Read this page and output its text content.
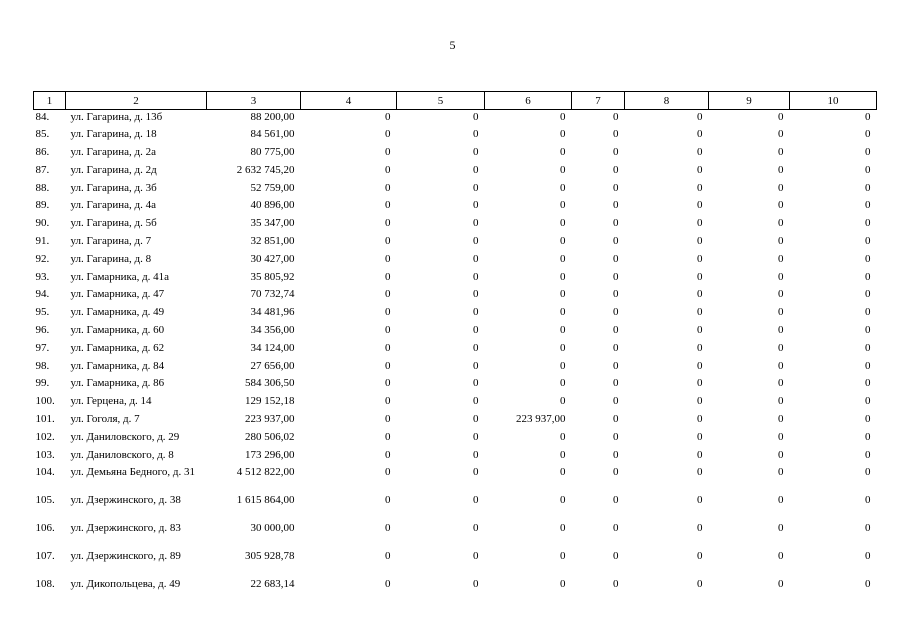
5
1	2	3	4	5	6	7	8	9	10
84.	ул. Гагарина, д. 13б	88 200,00	0	0	0	0	0	0	0
85.	ул. Гагарина, д. 18	84 561,00	0	0	0	0	0	0	0
86.	ул. Гагарина, д. 2а	80 775,00	0	0	0	0	0	0	0
87.	ул. Гагарина, д. 2д	2 632 745,20	0	0	0	0	0	0	0
88.	ул. Гагарина, д. 3б	52 759,00	0	0	0	0	0	0	0
89.	ул. Гагарина, д. 4а	40 896,00	0	0	0	0	0	0	0
90.	ул. Гагарина, д. 5б	35 347,00	0	0	0	0	0	0	0
91.	ул. Гагарина, д. 7	32 851,00	0	0	0	0	0	0	0
92.	ул. Гагарина, д. 8	30 427,00	0	0	0	0	0	0	0
93.	ул. Гамарника, д. 41а	35 805,92	0	0	0	0	0	0	0
94.	ул. Гамарника, д. 47	70 732,74	0	0	0	0	0	0	0
95.	ул. Гамарника, д. 49	34 481,96	0	0	0	0	0	0	0
96.	ул. Гамарника, д. 60	34 356,00	0	0	0	0	0	0	0
97.	ул. Гамарника, д. 62	34 124,00	0	0	0	0	0	0	0
98.	ул. Гамарника, д. 84	27 656,00	0	0	0	0	0	0	0
99.	ул. Гамарника, д. 86	584 306,50	0	0	0	0	0	0	0
100.	ул. Герцена, д. 14	129 152,18	0	0	0	0	0	0	0
101.	ул. Гоголя, д. 7	223 937,00	0	0	223 937,00	0	0	0	0
102.	ул. Даниловского, д. 29	280 506,02	0	0	0	0	0	0	0
103.	ул. Даниловского, д. 8	173 296,00	0	0	0	0	0	0	0
104.	ул. Демьяна Бедного, д. 31	4 512 822,00	0	0	0	0	0	0	0
105.	ул. Дзержинского, д. 38	1 615 864,00	0	0	0	0	0	0	0
106.	ул. Дзержинского, д. 83	30 000,00	0	0	0	0	0	0	0
107.	ул. Дзержинского, д. 89	305 928,78	0	0	0	0	0	0	0
108.	ул. Дикопольцева, д. 49	22 683,14	0	0	0	0	0	0	0
